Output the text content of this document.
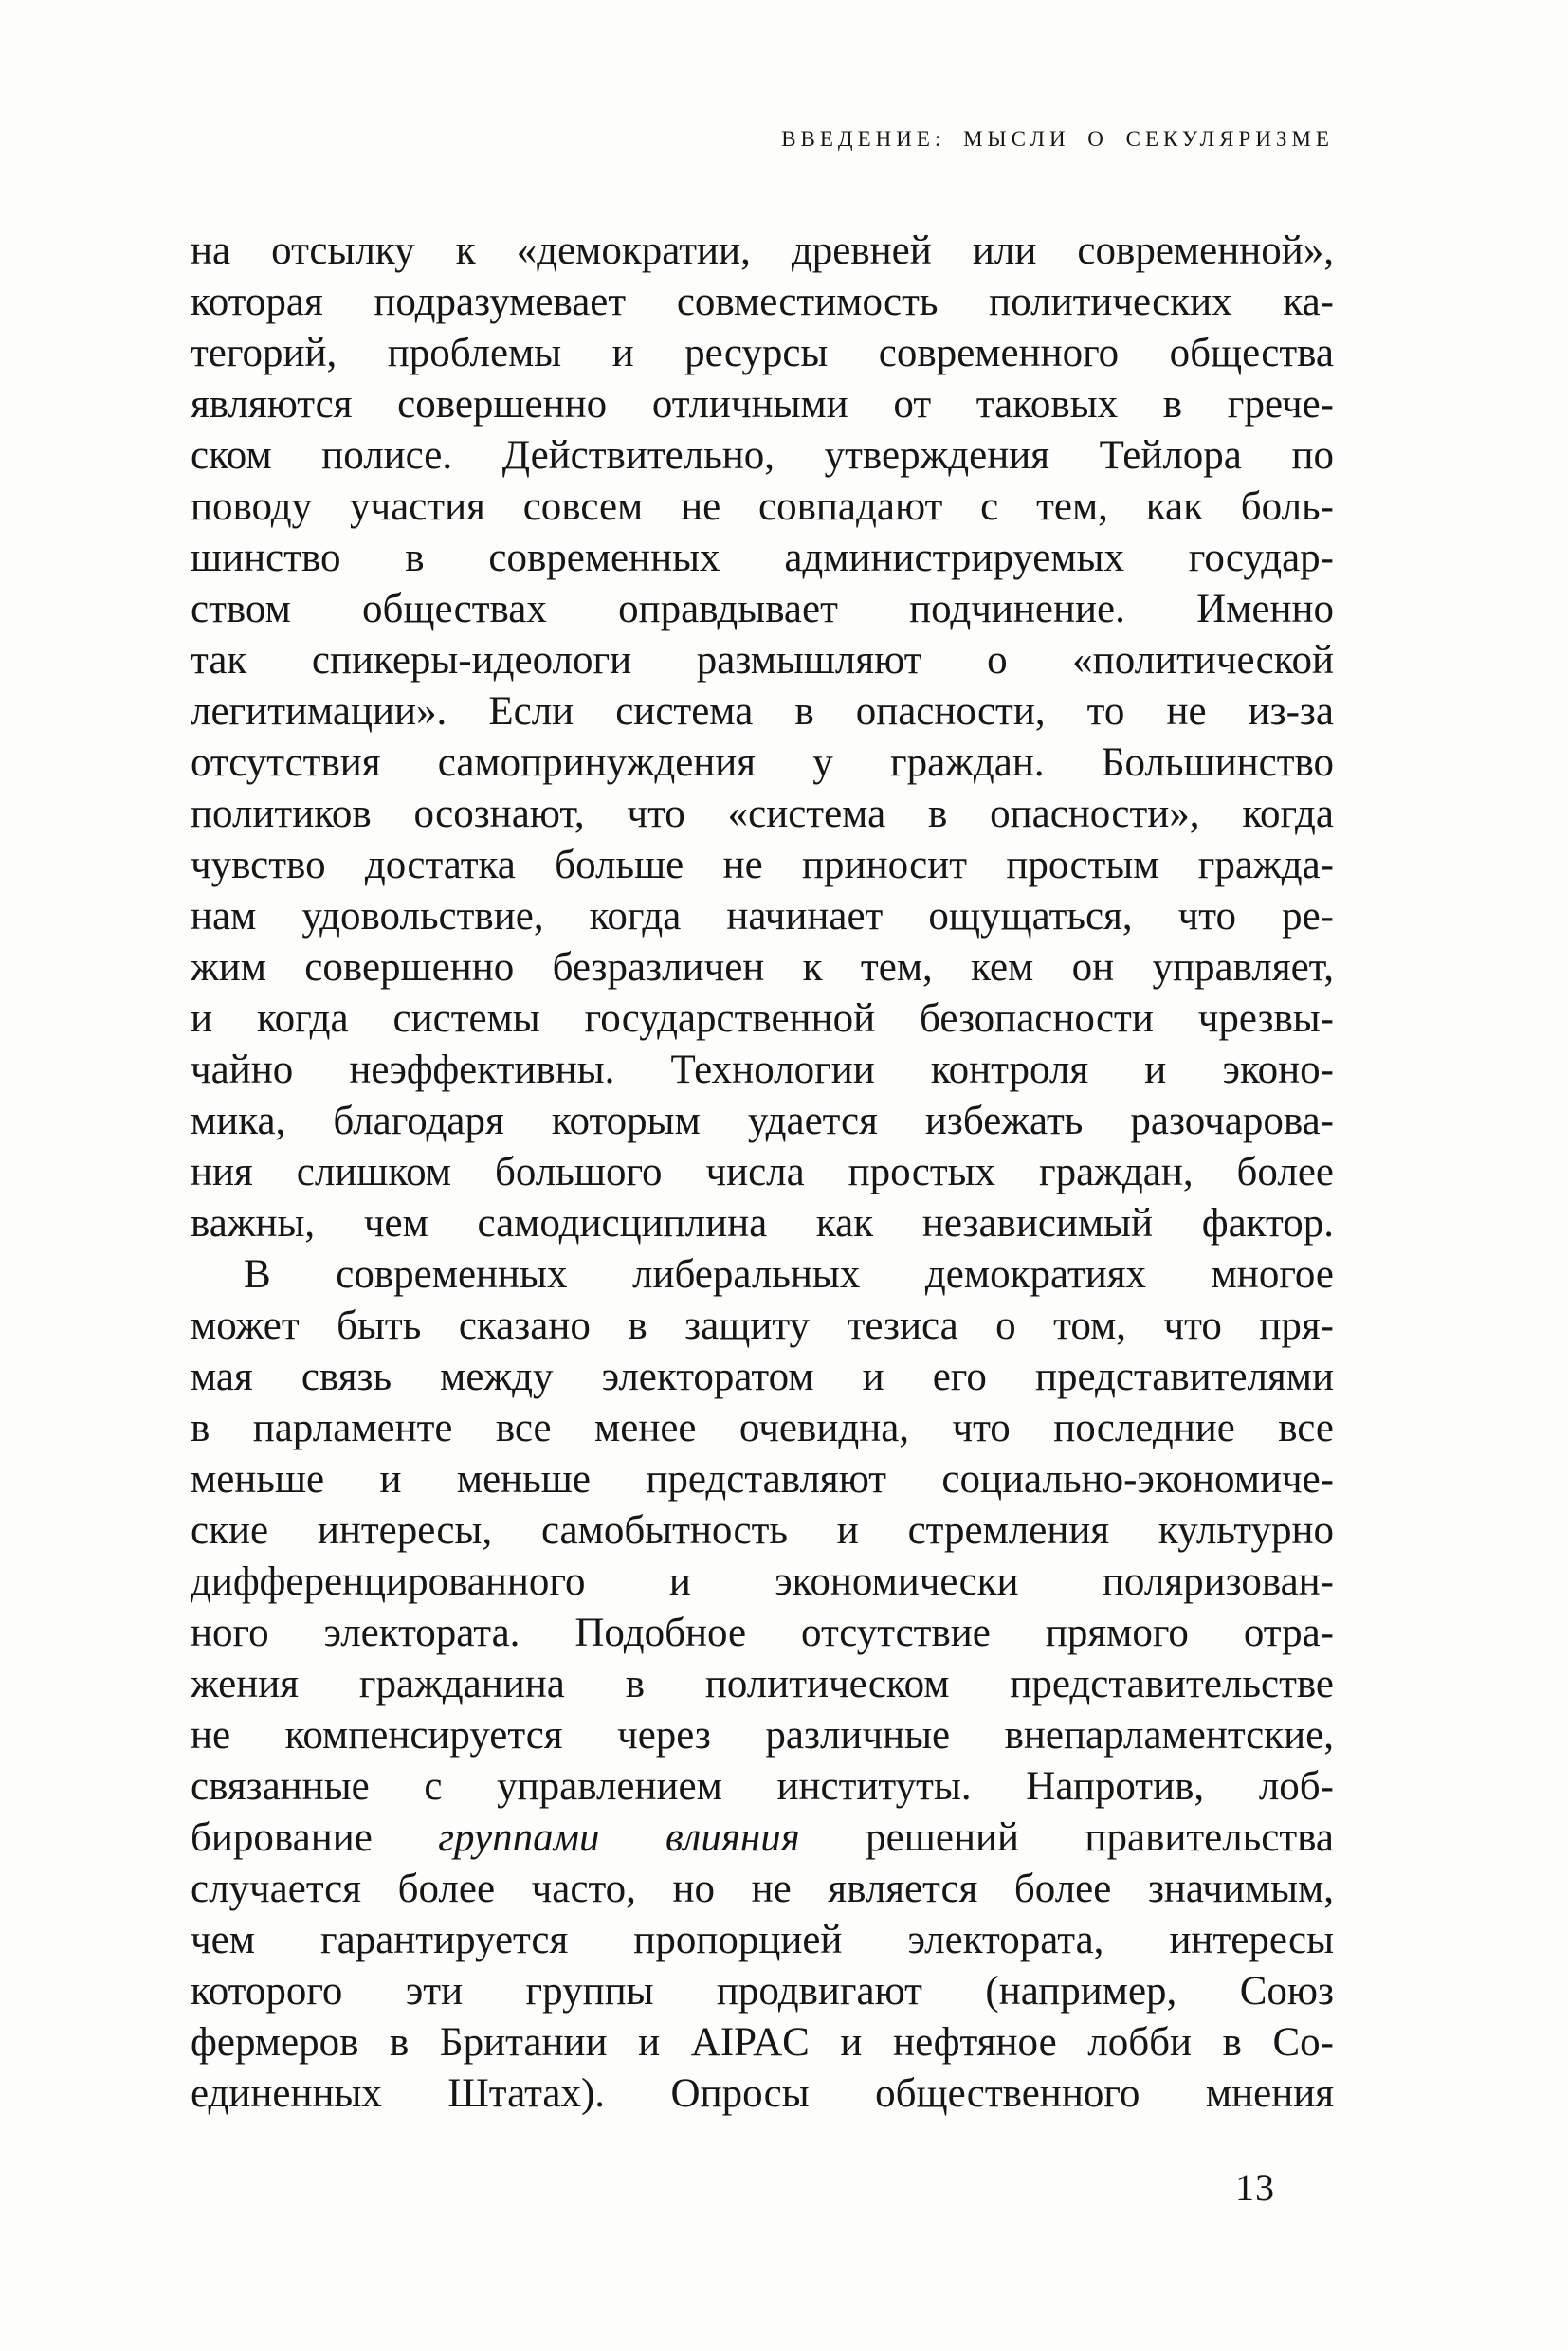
ВВЕДЕНИЕ: МЫСЛИ О СЕКУЛЯРИЗМЕ
на отсылку к «демократии, древней или современной»,
которая подразумевает совместимость политических ка-
тегорий, проблемы и ресурсы современного общества
являются совершенно отличными от таковых в грече-
ском полисе. Действительно, утверждения Тейлора по
поводу участия совсем не совпадают с тем, как боль-
шинство в современных администрируемых государ-
ством обществах оправдывает подчинение. Именно
так спикеры-идеологи размышляют о «политической
легитимации». Если система в опасности, то не из-за
отсутствия самопринуждения у граждан. Большинство
политиков осознают, что «система в опасности», когда
чувство достатка больше не приносит простым гражда-
нам удовольствие, когда начинает ощущаться, что ре-
жим совершенно безразличен к тем, кем он управляет,
и когда системы государственной безопасности чрезвы-
чайно неэффективны. Технологии контроля и эконо-
мика, благодаря которым удается избежать разочарова-
ния слишком большого числа простых граждан, более
важны, чем самодисциплина как независимый фактор.
В современных либеральных демократиях многое
может быть сказано в защиту тезиса о том, что пря-
мая связь между электоратом и его представителями
в парламенте все менее очевидна, что последние все
меньше и меньше представляют социально-экономиче-
ские интересы, самобытность и стремления культурно
дифференцированного и экономически поляризован-
ного электората. Подобное отсутствие прямого отра-
жения гражданина в политическом представительстве
не компенсируется через различные внепарламентские,
связанные с управлением институты. Напротив, лоб-
бирование группами влияния решений правительства
случается более часто, но не является более значимым,
чем гарантируется пропорцией электората, интересы
которого эти группы продвигают (например, Союз
фермеров в Британии и AIPAC и нефтяное лобби в Со-
единенных Штатах). Опросы общественного мнения
13
